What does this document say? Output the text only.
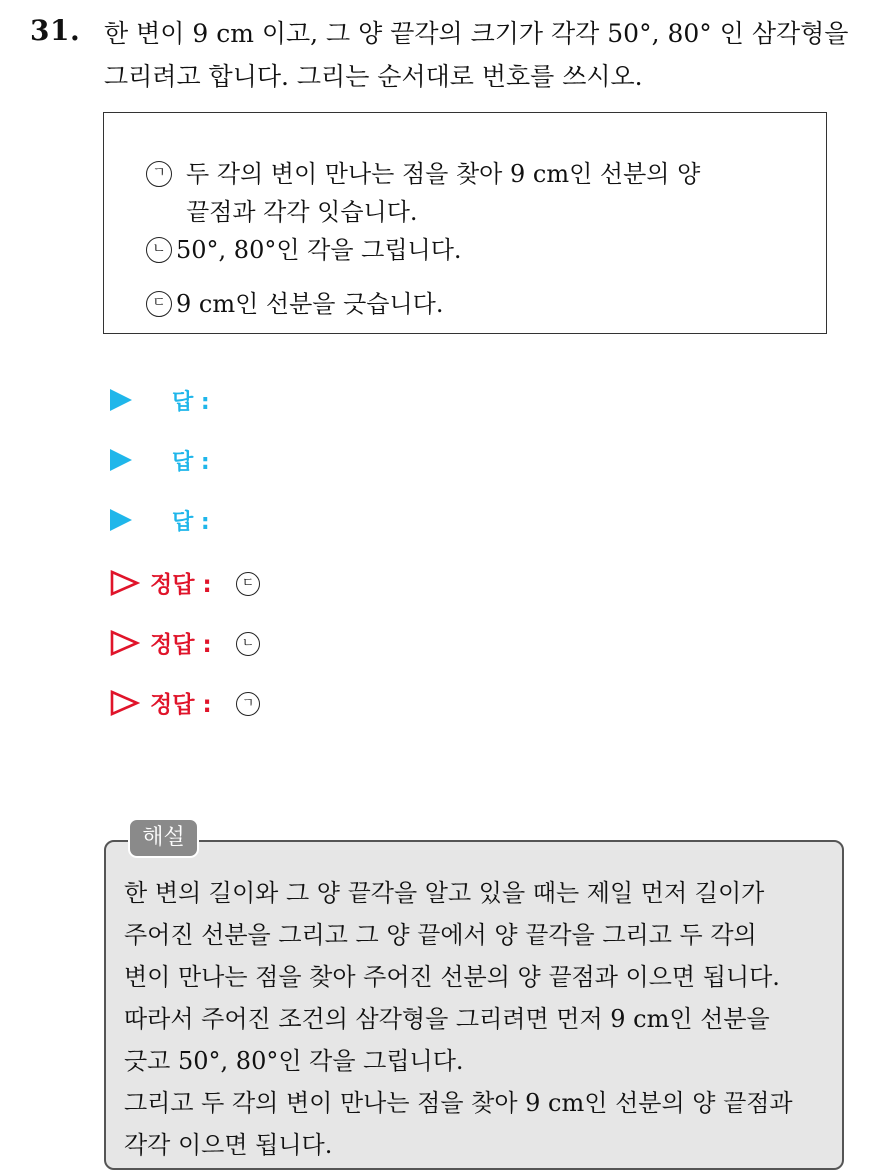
31. 한 변이 9 cm 이고, 그 양 끝각의 크기가 각각 50°, 80° 인 삼각형을
그리려고 합니다. 그리는 순서대로 번호를 쓰시오.
ㄱ 두 각의 변이 만나는 점을 찾아 9 cm인 선분의 양
끝점과 각각 잇습니다.
ㄴ 50°, 80°인 각을 그립니다.
ㄷ 9 cm인 선분을 긋습니다.
답 :
답 :
답 :
정답 :	ㄷ
정답 :	ㄴ
정답 :	ㄱ
해설
한 변의 길이와 그 양 끝각을 알고 있을 때는 제일 먼저 길이가
주어진 선분을 그리고 그 양 끝에서 양 끝각을 그리고 두 각의
변이 만나는 점을 찾아 주어진 선분의 양 끝점과 이으면 됩니다.
따라서 주어진 조건의 삼각형을 그리려면 먼저 9 cm인 선분을
긋고 50°, 80°인 각을 그립니다.
그리고 두 각의 변이 만나는 점을 찾아 9 cm인 선분의 양 끝점과
각각 이으면 됩니다.
